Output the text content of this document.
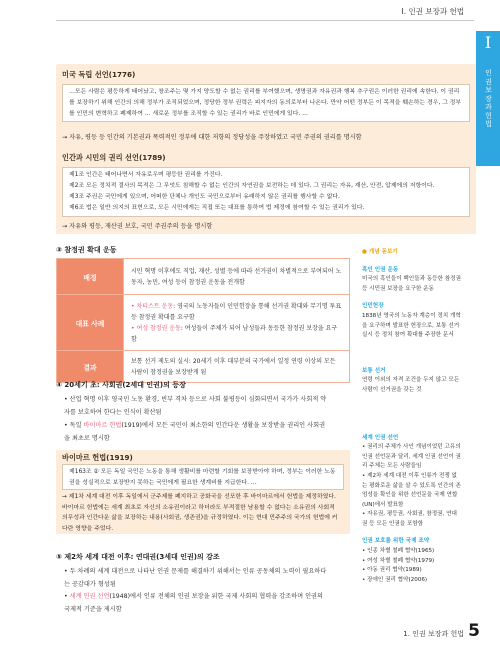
I. 인권 보장과 헌법
I
인권 보장과 헌법
미국 독립 선언(1776)
…모든 사람은 평등하게 태어났고, 창조주는 몇 가지 양도할 수 없는 권리를 부여했으며, 생명권과 자유권과 행복 추구권은 이러한 권리에 속한다. 이 권리를 보장하기 위해 인간의 의해 정부가 조직되었으며, 정당한 정부 권력은 피지자의 동의로부터 나온다. 만약 어떤 정부든 이 목적을 훼손하는 경우, 그 정부를 인민의 변혁하고 폐제하여 … 새로운 정부를 조직할 수 있는 권리가 바로 인민에게 있다. …
→ 자유, 평등 등 인간의 기본권과 폭력적인 정부에 대한 저항의 정당성을 주장하였고 국민 주권의 권리를 명시함
인간과 시민의 권리 선언(1789)
제1조 인간은 태어나면서 자유로우며 평등한 권리를 가진다.
제2조 모든 정치적 결사의 목적은 그 무엇도 침해할 수 없는 인간의 자연권을 보전하는 데 있다. 그 권리는 자유, 재산, 안전, 압제에의 저항이다.
제3조 주권은 국민에게 있으며, 어떠한 단체나 개인도 국민으로부터 유래하지 않은 권리를 행사할 수 없다.
제6조 법은 일반 의지의 표현으로, 모든 시민에게는 직접 또는 대표를 통하여 법 제정에 참여할 수 있는 권리가 있다.
→ 자유와 평등, 재산권 보호, 국민 주권주의 등을 명시함
③ 참정권 확대 운동
배경	시민 혁명 이후에도 직업, 재산, 성별 등에 따라 선거권이 차별적으로 부여되어 노동자, 농민, 여성 등이 참정권 운동을 전개함
대표 사례	• 차티스트 운동: 영국의 노동자들이 인민헌장을 통해 선거권 확대와 무기명 투표 등 참정권 확대를 요구함
• 여성 참정권 운동: 여성들이 주체가 되어 남성들과 동등한 참정권 보장을 요구함

결과	보통 선거 제도의 실시: 20세기 이후 대부분의 국가에서 일정 연령 이상의 모든 사람이 참정권을 보장받게 됨
④ 20세기 초: 사회권(2세대 인권)의 등장
• 산업 혁명 이후 영국민 노동 환경, 빈부 격차 등으로 사회 불평등이 심화되면서 국가가 사회적 약자를 보호하여 한다는 인식이 확산됨
• 독일 바이마르 헌법(1919)에서 모든 국민이 최소한의 인간다운 생활을 보장받을 권리인 사회권을 최초로 명시함
바이마르 헌법(1919)
제163조 ② 모든 독일 국민은 노동을 통해 생활비를 마련할 기회를 보장받아야 하며, 정부는 이러한 노동권을 성실적으로 보장받지 못하는 국민에게 필요한 생계비를 지급한다. …
→ 제1차 세계 대전 이후 독일에서 군주제를 폐지하고 공화국을 선포한 후 바이마르에서 헌법을 제정하였다. 바이마르 헌법에는 세계 최초로 자신의 소유권이라고 하더라도 부적절한 남용할 수 없다는 소유권의 사회적 의무성과 인간다운 삶을 보장하는 내용(사회권, 생존권)을 규정하였다. 이는 현대 민주주의 국가의 헌법에 커다란 영향을 주었다.
⑤ 제2차 세계 대전 이후: 연대권(3세대 인권)의 강조
• 두 차례의 세계 대전으로 나타난 인권 문제를 해결하기 위해서는 인류 공동체의 노력이 필요하다는 공감대가 형성됨
• 세계 인권 선언(1948)에서 인류 전체의 인권 보장을 위한 국제 사회의 협력을 강조하며 인권의 국제적 기준을 제시함
● 개념 돋보기
흑인 인권 운동
미국의 흑인들이 백인들과 동등한 참정권 등 시민권 보장을 요구한 운동
인민헌장
1838년 영국의 노동자 계층이 정치 개혁을 요구하며 발표한 헌장으로, 보통 선거 실시 등 정치 참여 확대를 주장한 문서
보통 선거
연령 이외의 자격 조건을 두지 않고 모든 사람이 선거권을 갖는 것
세계 인권 선언
• 권리의 주체가 사인 개념이었던 고유의 인권 선언문과 달리, 세계 인권 선언이 권리 주체는 모든 사람들임
• 제2차 세계 대전 이후 인류가 전쟁 없는 평화로운 삶을 살 수 있도록 인간의 존엄성을 확인을 위한 선언문을 국제 연합(UN)에서 발표함
• 자유권, 평등권, 사회권, 참정권, 연대권 등 모든 인권을 포함함
인권 보호를 위한 국제 조약
• 인종 차별 철폐 협약(1965)
• 여성 차별 철폐 협약(1979)
• 아동 권리 협약(1989)
• 장애인 권리 협약(2006)
1. 인권 보장과 헌법 5
